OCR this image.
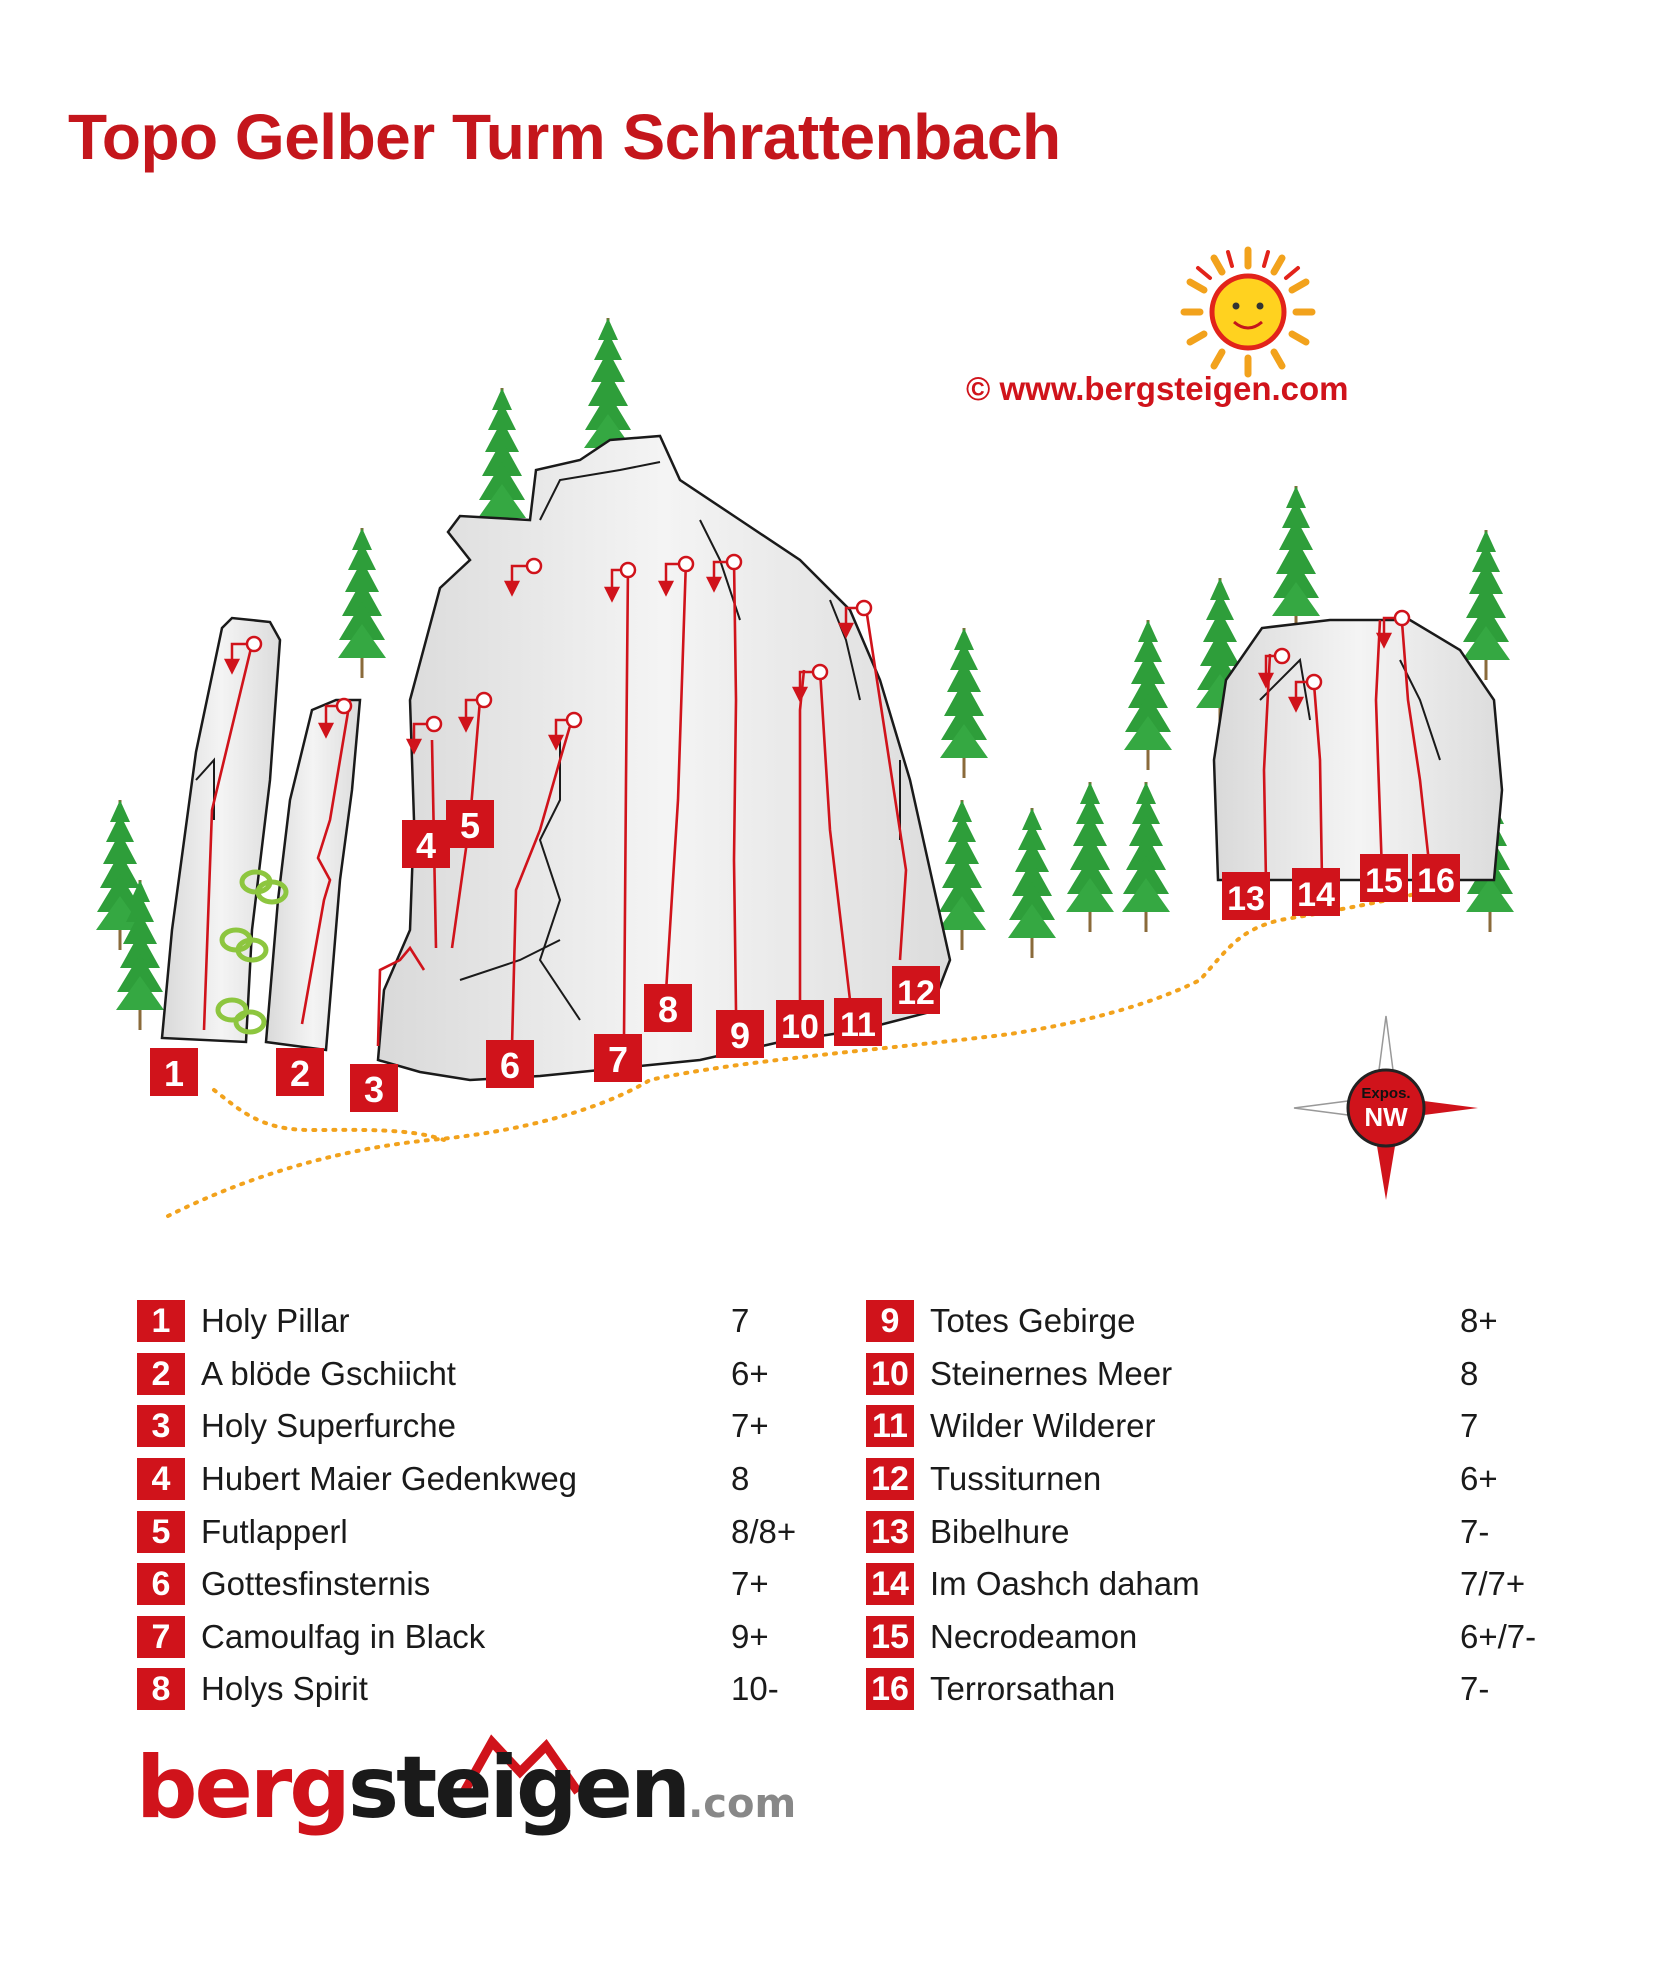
Topo Gelber Turm Schrattenbach
© www.bergsteigen.com
1	2 3
4 5
6 7
8
9 10 11
12
13 14 15 16
Expos.
NW
1 Holy Pillar	7
2 A blöde Gschiicht	6+
3 Holy Superfurche	7+
4 Hubert Maier Gedenkweg	8
5 Futlapperl	8/8+
6 Gottesfinsternis	7+
7 Camoulfag in Black	9+
8 Holys Spirit	10-
9 Totes Gebirge	8+
10 Steinernes Meer	8
11 Wilder Wilderer	7
12 Tussiturnen	6+
13 Bibelhure	7-
14 Im Oashch daham	7/7+
15 Necrodeamon	6+/7-
16 Terrorsathan	7-
bergsteigen.com
